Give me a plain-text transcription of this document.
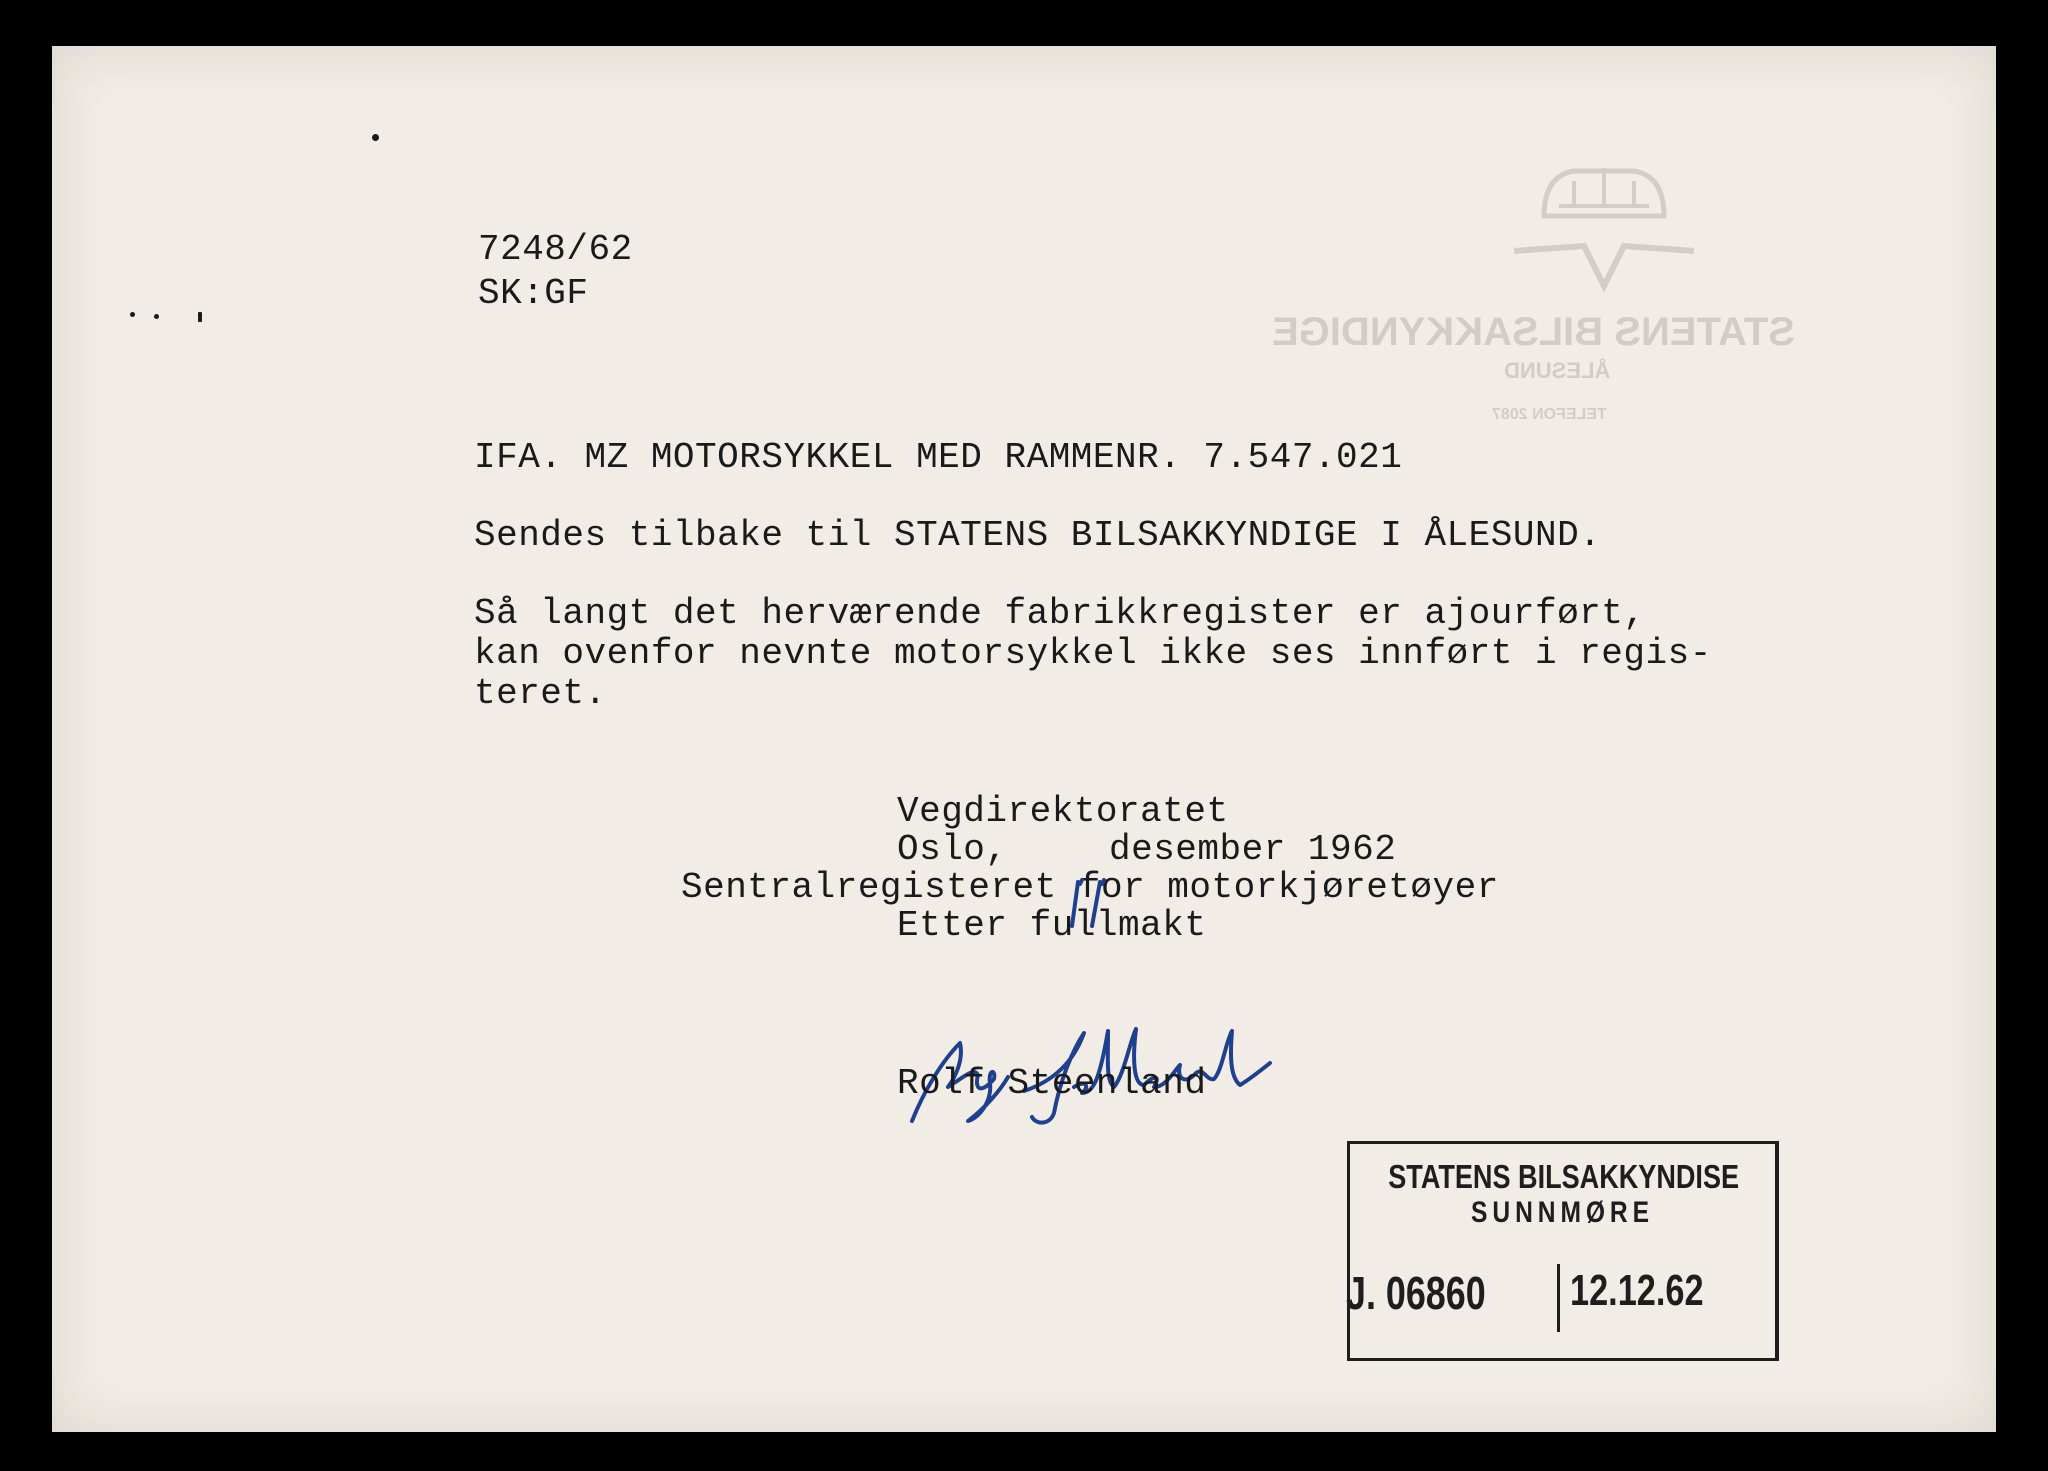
STATENS BILSAKKYNDIGE
ÅLESUND
TELEFON 2087
7248/62
SK:GF
IFA. MZ MOTORSYKKEL MED RAMMENR. 7.547.021
Sendes tilbake til STATENS BILSAKKYNDIGE I ÅLESUND.
Så langt det herværende fabrikkregister er ajourført,
kan ovenfor nevnte motorsykkel ikke ses innført i regis-
teret.
Vegdirektoratet
Oslo,	desember 1962
Sentralregisteret for motorkjøretøyer
Etter fullmakt
Rolf Steenland
STATENS BILSAKKYNDISE
SUNNMØRE
J. 06860	12.12.62
